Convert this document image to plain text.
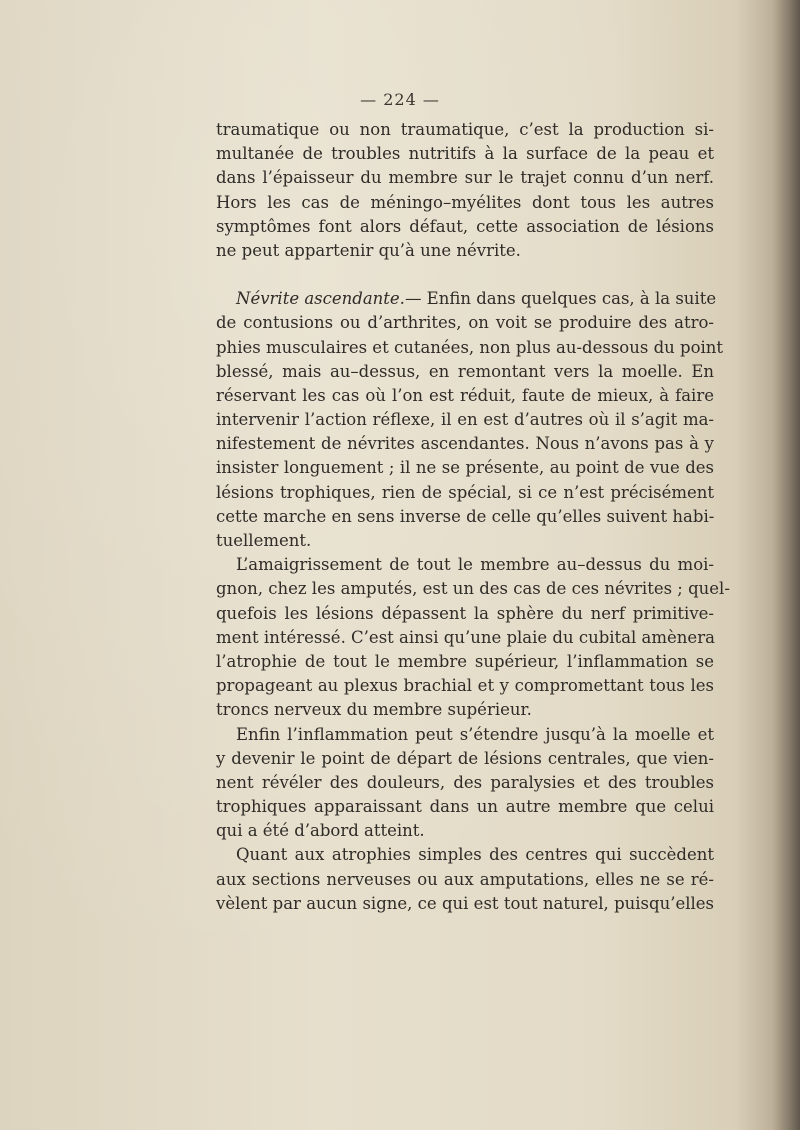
— 224 —
traumatique ou non traumatique, c’est la production si-
multanée de troubles nutritifs à la surface de la peau et
dans l’épaisseur du membre sur le trajet connu d’un nerf.
Hors les cas de méningo–myélites dont tous les autres
symptômes font alors défaut, cette association de lésions
ne peut appartenir qu’à une névrite.
Névrite ascendante.— Enfin dans quelques cas, à la suite
de contusions ou d’arthrites, on voit se produire des atro-
phies musculaires et cutanées, non plus au-dessous du point
blessé, mais au–dessus, en remontant vers la moelle. En
réservant les cas où l’on est réduit, faute de mieux, à faire
intervenir l’action réflexe, il en est d’autres où il s’agit ma-
nifestement de névrites ascendantes. Nous n’avons pas à y
insister longuement ; il ne se présente, au point de vue des
lésions trophiques, rien de spécial, si ce n’est précisément
cette marche en sens inverse de celle qu’elles suivent habi-
tuellement.
L’amaigrissement de tout le membre au–dessus du moi-
gnon, chez les amputés, est un des cas de ces névrites ; quel-
quefois les lésions dépassent la sphère du nerf primitive-
ment intéressé. C’est ainsi qu’une plaie du cubital amènera
l’atrophie de tout le membre supérieur, l’inflammation se
propageant au plexus brachial et y compromettant tous les
troncs nerveux du membre supérieur.
Enfin l’inflammation peut s’étendre jusqu’à la moelle et
y devenir le point de départ de lésions centrales, que vien-
nent révéler des douleurs, des paralysies et des troubles
trophiques apparaissant dans un autre membre que celui
qui a été d’abord atteint.
Quant aux atrophies simples des centres qui succèdent
aux sections nerveuses ou aux amputations, elles ne se ré-
vèlent par aucun signe, ce qui est tout naturel, puisqu’elles
